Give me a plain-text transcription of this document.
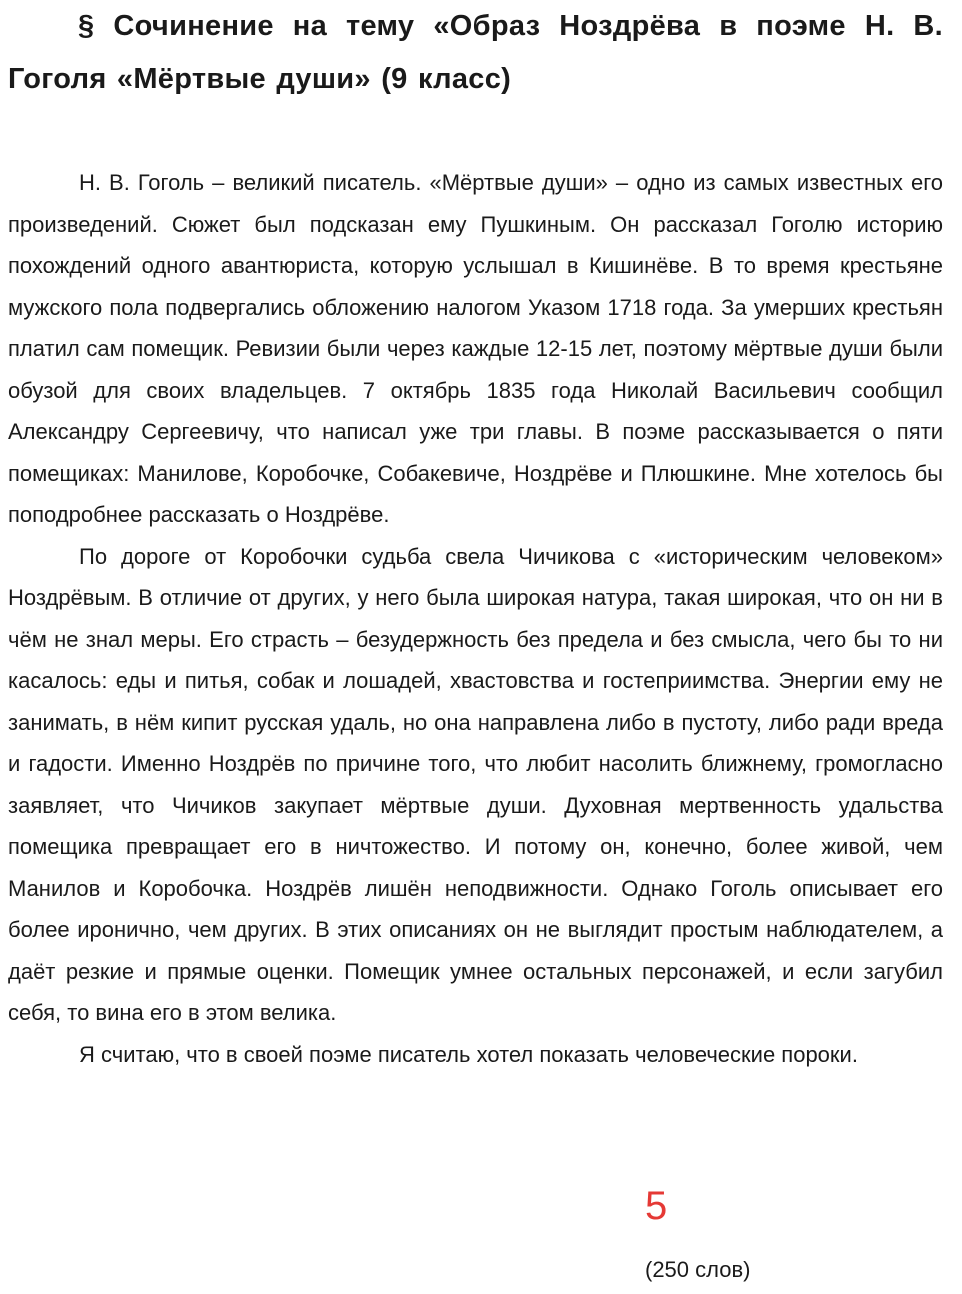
§ Сочинение на тему «Образ Ноздрёва в поэме Н. В. Гоголя «Мёртвые души» (9 класс)

Н. В. Гоголь – великий писатель. «Мёртвые души» – одно из самых известных его произведений. Сюжет был подсказан ему Пушкиным. Он рассказал Гоголю историю похождений одного авантюриста, которую услышал в Кишинёве. В то время крестьяне мужского пола подвергались обложению налогом Указом 1718 года. За умерших крестьян платил сам помещик. Ревизии были через каждые 12-15 лет, поэтому мёртвые души были обузой для своих владельцев. 7 октябрь 1835 года Николай Васильевич сообщил Александру Сергеевичу, что написал уже три главы. В поэме рассказывается о пяти помещиках: Манилове, Коробочке, Собакевиче, Ноздрёве и Плюшкине. Мне хотелось бы поподробнее рассказать о Ноздрёве.

По дороге от Коробочки судьба свела Чичикова с «историческим человеком» Ноздрёвым. В отличие от других, у него была широкая натура, такая широкая, что он ни в чём не знал меры. Его страсть – безудержность без предела и без смысла, чего бы то ни касалось: еды и питья, собак и лошадей, хвастовства и гостеприимства. Энергии ему не занимать, в нём кипит русская удаль, но она направлена либо в пустоту, либо ради вреда и гадости. Именно Ноздрёв по причине того, что любит насолить ближнему, громогласно заявляет, что Чичиков закупает мёртвые души. Духовная мертвенность удальства помещика превращает его в ничтожество. И потому он, конечно, более живой, чем Манилов и Коробочка. Ноздрёв лишён неподвижности. Однако Гоголь описывает его более иронично, чем других. В этих описаниях он не выглядит простым наблюдателем, а даёт резкие и прямые оценки. Помещик умнее остальных персонажей, и если загубил себя, то вина его в этом велика.

Я считаю, что в своей поэме писатель хотел показать человеческие пороки.

5
(250 слов)
